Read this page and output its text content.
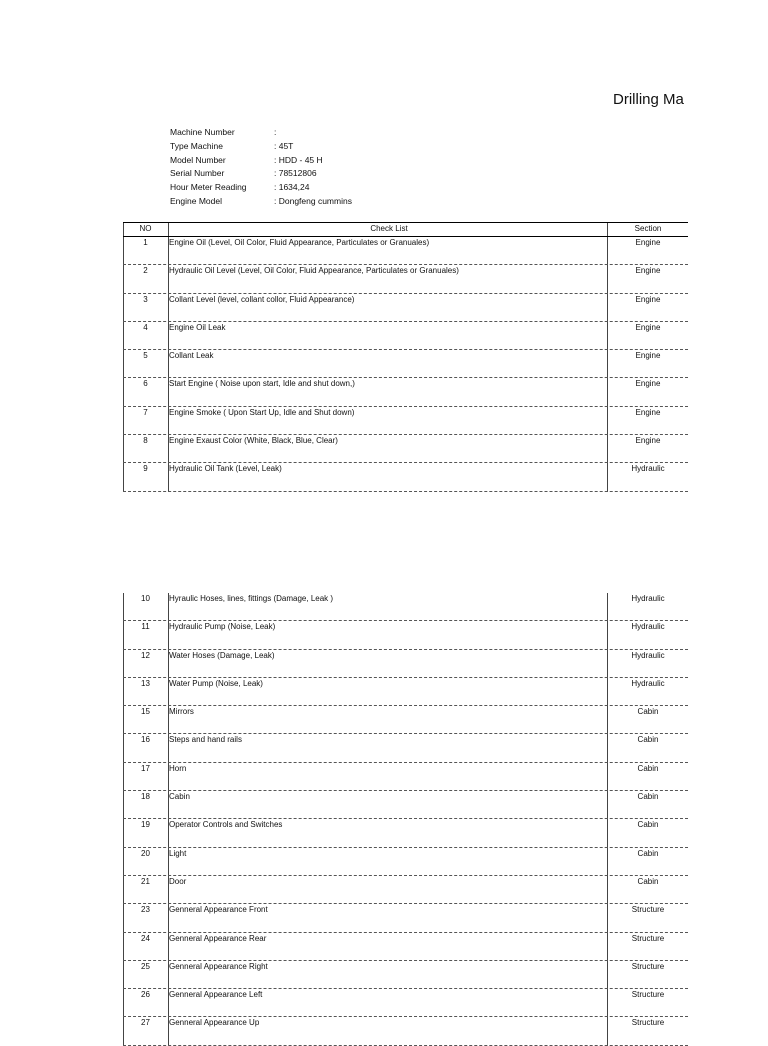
Drilling Ma
Machine Number	:
Type Machine	: 45T
Model Number	: HDD - 45 H
Serial Number	: 78512806
Hour Meter Reading	: 1634,24
Engine Model	: Dongfeng cummins
NO	Check List	Section
1	Engine Oil (Level, Oil Color, Fluid Appearance, Particulates or Granuales)	Engine
2	Hydraulic Oil Level (Level, Oil Color, Fluid Appearance, Particulates or Granuales)	Engine
3	Collant Level (level, collant collor, Fluid Appearance)	Engine
4	Engine Oil Leak	Engine
5	Collant Leak	Engine
6	Start Engine ( Noise upon start, Idle and shut down,)	Engine
7	Engine Smoke ( Upon Start Up, Idle and Shut down)	Engine
8	Engine Exaust Color (White, Black, Blue, Clear)	Engine
9	Hydraulic Oil Tank (Level, Leak)	Hydraulic
10	Hyraulic Hoses, lines, fittings (Damage, Leak )	Hydraulic
11	Hydraulic Pump (Noise, Leak)	Hydraulic
12	Water Hoses (Damage, Leak)	Hydraulic
13	Water Pump (Noise, Leak)	Hydraulic
15	Mirrors	Cabin
16	Steps and hand rails	Cabin
17	Horn	Cabin
18	Cabin	Cabin
19	Operator Controls and Switches	Cabin
20	Light	Cabin
21	Door	Cabin
23	Genneral Appearance Front	Structure
24	Genneral Appearance Rear	Structure
25	Genneral Appearance Right	Structure
26	Genneral Appearance Left	Structure
27	Genneral Appearance Up	Structure
